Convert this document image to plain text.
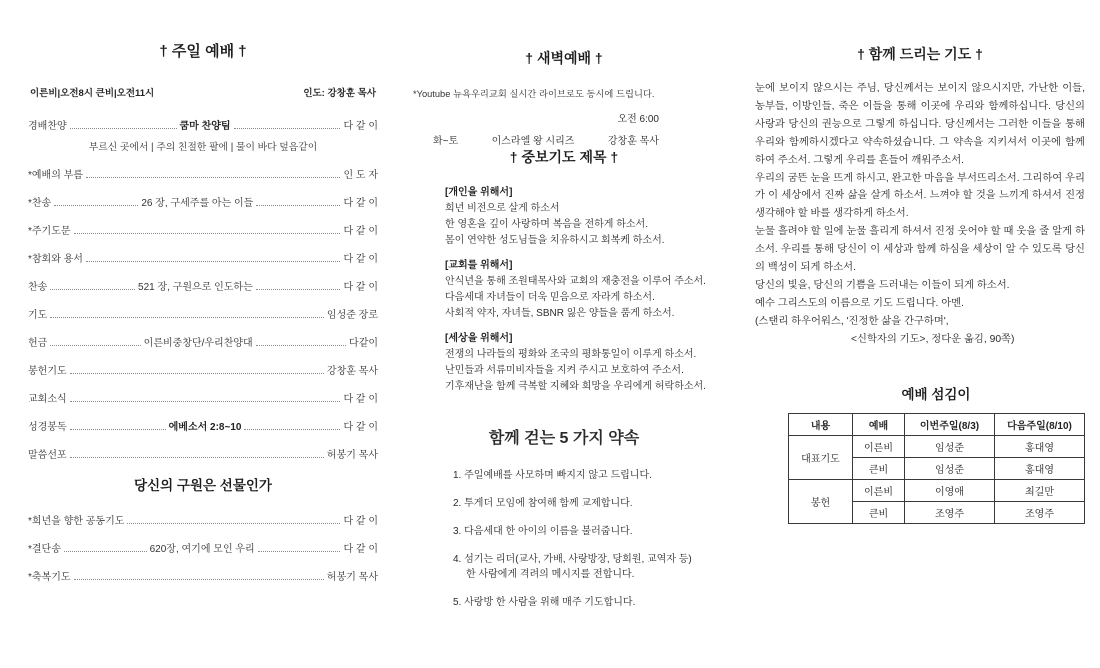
† 주일 예배 †
이른비|오전8시 큰비|오전11시	인도: 강창훈 목사
경배찬양	쿰마 찬양팀	다 같 이
부르신 곳에서 | 주의 친절한 팔에 | 물이 바다 덮음같이
*예배의 부름	인 도 자
*찬송	26 장, 구세주를 아는 이들	다 같 이
*주기도문	다 같 이
*참회와 용서	다 같 이
찬송	521 장, 구원으로 인도하는	다 같 이
기도	임성준 장로
헌금	이른비중창단/우리찬양대	다같이
봉헌기도	강창훈 목사
교회소식	다 같 이
성경봉독	에베소서 2:8~10	다 같 이
말씀선포	허봉기 목사
당신의 구원은 선물인가
*희년을 향한 공동기도	다 같 이
*결단송	620장, 여기에 모인 우리	다 같 이
*축복기도	허봉기 목사
† 새벽예배 †

*Youtube 뉴욕우리교회 실시간 라이브로도 동시에 드립니다.

오전 6:00
화~토	이스라엘 왕 시리즈	강창훈 목사
† 중보기도 제목 †
[개인을 위해서]
희년 비전으로 살게 하소서
한 영혼을 깊이 사랑하며 복음을 전하게 하소서.
몸이 연약한 성도님들을 치유하시고 회복케 하소서.
[교회를 위해서]
안식년을 통해 조원태목사와 교회의 재충전을 이루어 주소서.
다음세대 자녀들이 더욱 믿음으로 자라게 하소서.
사회적 약자, 자녀들, SBNR 잃은 양들을 품게 하소서.
[세상을 위해서]
전쟁의 나라들의 평화와 조국의 평화통일이 이루게 하소서.
난민들과 서류미비자들을 지켜 주시고 보호하여 주소서.
기후재난을 함께 극복할 지혜와 희망을 우리에게 허락하소서.
함께 걷는 5 가지 약속
1. 주일예배를 사모하며 빠지지 않고 드립니다.
2. 투게더 모임에 참여해 함께 교제합니다.
3. 다음세대 한 아이의 이름을 불러줍니다.
4. 섬기는 리더(교사, 가배, 사랑방장, 당회원, 교역자 등)
한 사람에게 격려의 메시지를 전합니다.
5. 사랑방 한 사람을 위해 매주 기도합니다.
† 함께 드리는 기도 †

눈에 보이지 않으시는 주님, 당신께서는 보이지 않으시지만, 가난한 이들, 농부들, 이방인들, 죽은 이들을 통해 이곳에 우리와 함께하십니다. 당신의 사랑과 당신의 권능으로 그렇게 하십니다. 당신께서는 그러한 이들을 통해 우리와 함께하시겠다고 약속하셨습니다. 그 약속을 지키셔서 이곳에 함께 하여 주소서. 그렇게 우리를 흔들어 깨워주소서.

우리의 굼뜬 눈을 뜨게 하시고, 완고한 마음을 부서뜨리소서. 그리하여 우리가 이 세상에서 진짜 삶을 살게 하소서. 느껴야 할 것을 느끼게 하셔서 진정 생각해야 할 바를 생각하게 하소서.

눈물 흘려야 할 일에 눈물 흘리게 하셔서 진정 웃어야 할 때 웃을 줄 알게 하소서. 우리를 통해 당신이 이 세상과 함께 하심을 세상이 알 수 있도록 당신의 백성이 되게 하소서.

당신의 빛을, 당신의 기쁨을 드러내는 이들이 되게 하소서.

예수 그리스도의 이름으로 기도 드립니다. 아멘.

(스탠리 하우어워스, '진정한 삶을 간구하며',
<신학자의 기도>, 정다운 옮김, 90쪽)
예배 섬김이
내용	예배	이번주일(8/3)	다음주일(8/10)
대표기도	이른비	임성준	홍대영
	큰비	임성준	홍대영
봉헌	이른비	이영애	최길만
	큰비	조영주	조영주
